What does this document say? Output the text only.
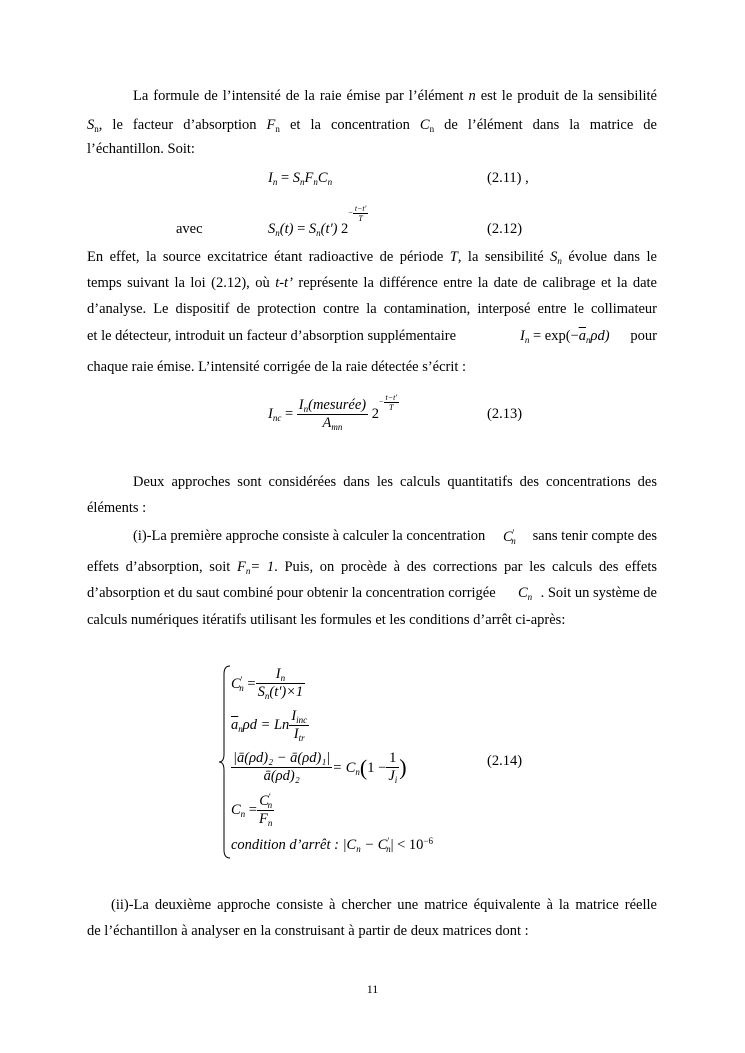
La formule de l’intensité de la raie émise par l’élément n est le produit de la sensibilité
$S_n$, le facteur d’absorption $F_n$ et la concentration $C_n$ de l’élément dans la matrice de
l’échantillon. Soit:
$I_n = S_nF_nC_n$	(2.11) ,
avec	$S_n(t) = S_n(t')$ $2- \frac{t-t'}{T}$
(2.12)
En effet, la source excitatrice étant radioactive de période T, la sensibilité $S_n$ évolue dans le
temps suivant la loi (2.12), où t-t’ représente la différence entre la date de calibrage et la date
d’analyse. Le dispositif de protection contre la contamination, interposé entre le collimateur
et le détecteur, introduit un facteur d’absorption supplémentaire	$I_n = \exp(-\overline{a}_n\rho d)$ pour
chaque raie émise. L’intensité corrigée de la raie détectée s’écrit :
$I_{nc} = \frac{I_n(mesurée)}{A_{mn}} 2- \frac{t-t'}{T}$
(2.13)
Deux approches sont considérées dans les calculs quantitatifs des concentrations des
éléments :
(i)-La première approche consiste à calculer la concentration $C'_n$ sans tenir compte des
effets d’absorption, soit $F_n= 1$. Puis, on procède à des corrections par les calculs des effets
d’absorption et du saut combiné pour obtenir la concentration corrigée $C_n$ . Soit un système de
calculs numériques itératifs utilisant les formules et les conditions d’arrêt ci-après:
$C'_n = \frac{I_n}{S_n(t')\times 1}$
$\overline{a}_n\rho d = Ln \frac{I_{inc}}{I_{tr}}$
$\frac{\text{|ā(ρd)₂ − ā(ρd)₁|}}{\text{ā(ρd)₂}} = C_n(1 - \frac{1}{J_i}$ )
$C_n = \frac{C'_n}{F_n}$
condition d’arrêt : $|C_n - C'_n| < 10^{-6}$
(2.14)
(ii)-La deuxième approche consiste à chercher une matrice équivalente à la matrice réelle
de l’échantillon à analyser en la construisant à partir de deux matrices dont :
11
